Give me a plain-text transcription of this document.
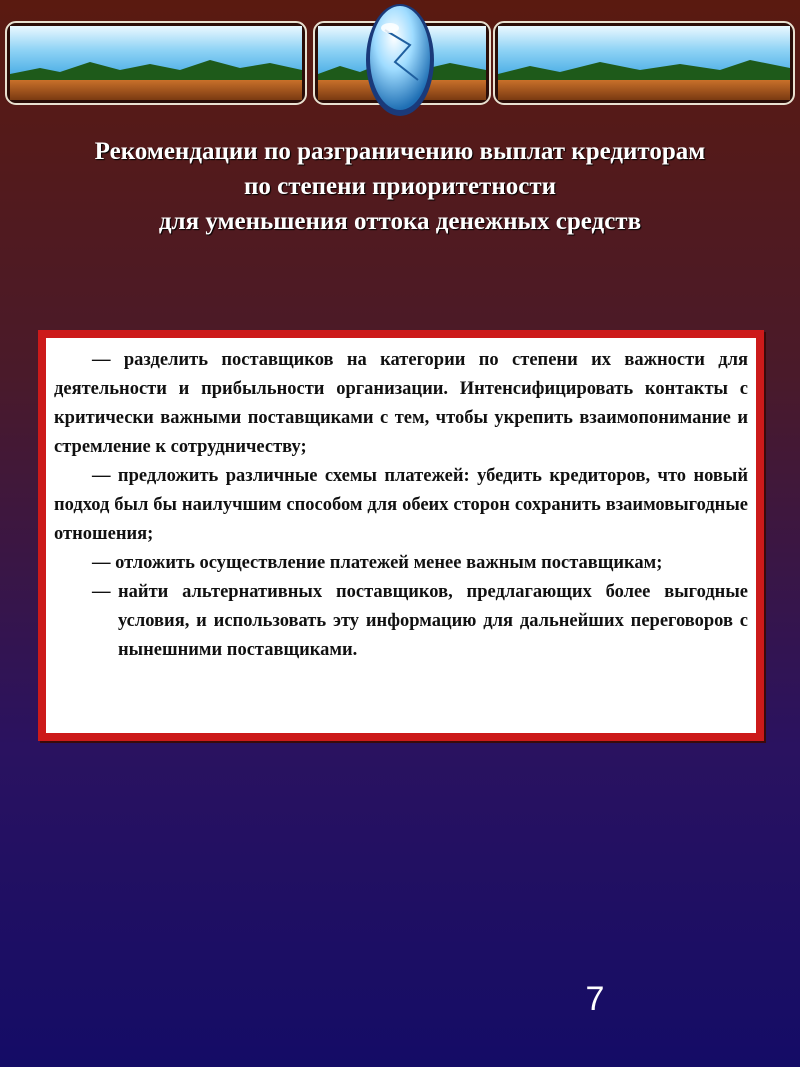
Рекомендации по разграничению выплат кредиторам
по степени приоритетности
для уменьшения оттока денежных средств

— разделить поставщиков на категории по степени их важности для деятельности и прибыльности организации. Интенсифицировать контакты с критически важными поставщиками с тем, чтобы укрепить взаимопонимание и стремление к сотрудничеству;

— предложить различные схемы платежей: убедить кредиторов, что новый подход был бы наилучшим способом для обеих сторон сохранить взаимовыгодные отношения;

— отложить осуществление платежей менее важным поставщикам;

— найти альтернативных поставщиков, предлагающих более выгодные условия, и использовать эту информацию для дальнейших переговоров с нынешними поставщиками.

7
